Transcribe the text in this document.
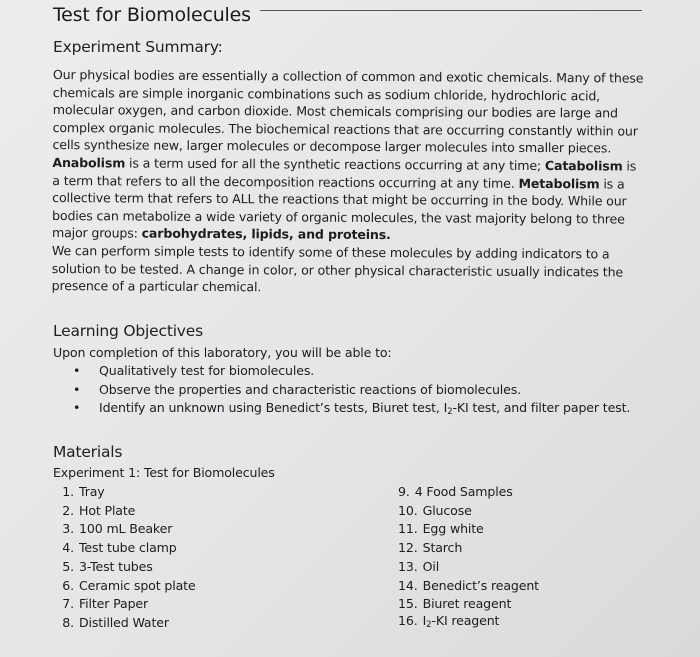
Test for Biomolecules
Experiment Summary:

Our physical bodies are essentially a collection of common and exotic chemicals. Many of these chemicals are simple inorganic combinations such as sodium chloride, hydrochloric acid, molecular oxygen, and carbon dioxide. Most chemicals comprising our bodies are large and complex organic molecules. The biochemical reactions that are occurring constantly within our cells synthesize new, larger molecules or decompose larger molecules into smaller pieces. Anabolism is a term used for all the synthetic reactions occurring at any time; Catabolism is a term that refers to all the decomposition reactions occurring at any time. Metabolism is a collective term that refers to ALL the reactions that might be occurring in the body. While our bodies can metabolize a wide variety of organic molecules, the vast majority belong to three major groups: carbohydrates, lipids, and proteins.

We can perform simple tests to identify some of these molecules by adding indicators to a solution to be tested. A change in color, or other physical characteristic usually indicates the presence of a particular chemical.

Learning Objectives
Upon completion of this laboratory, you will be able to:
• Qualitatively test for biomolecules.
• Observe the properties and characteristic reactions of biomolecules.
• Identify an unknown using Benedict’s tests, Biuret test, $I_2-KI$ test, and filter paper test.
Materials
Experiment 1: Test for Biomolecules
1. Tray
2. Hot Plate
3. 100 mL Beaker
4. Test tube clamp
5. 3-Test tubes
6. Ceramic spot plate
7. Filter Paper
8. Distilled Water
9. 4 Food Samples
10. Glucose
11. Egg white
12. Starch
13. Oil
14. Benedict’s reagent
15. Biuret reagent
16. $I_2-KI$ reagent
